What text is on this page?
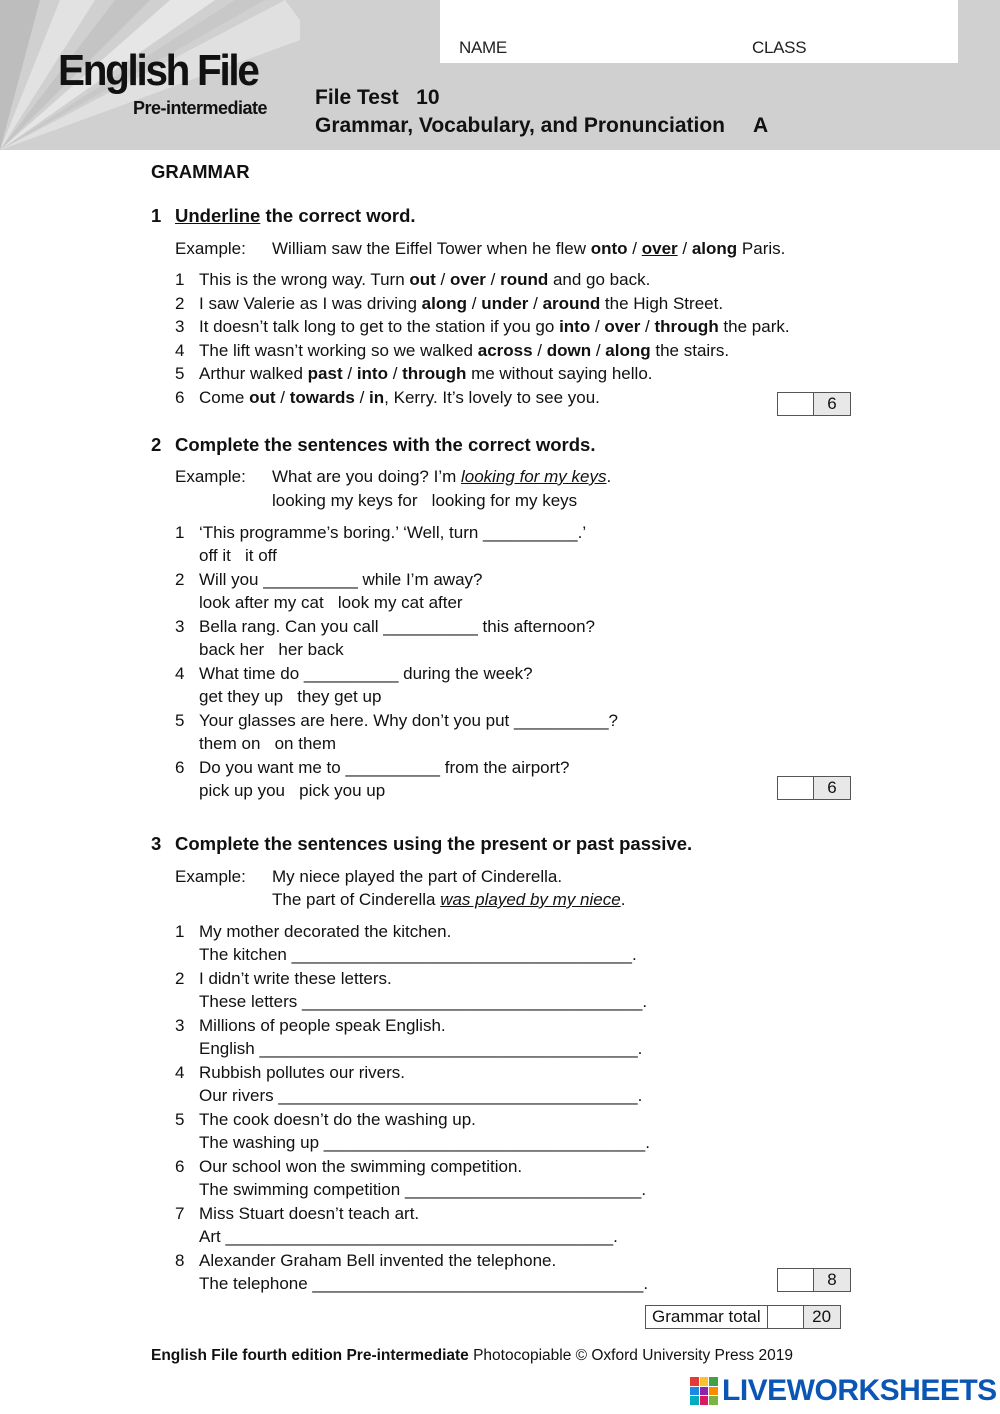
English File
Pre-intermediate
NAME	CLASS
File Test   10
Grammar, Vocabulary, and Pronunciation A
GRAMMAR
1 Underline the correct word.
Example: William saw the Eiffel Tower when he flew onto / over / along Paris.
1 This is the wrong way. Turn out / over / round and go back.
2 I saw Valerie as I was driving along / under / around the High Street.
3 It doesn’t talk long to get to the station if you go into / over / through the park.
4 The lift wasn’t working so we walked across / down / along the stairs.
5 Arthur walked past / into / through me without saying hello.
6 Come out / towards / in, Kerry. It’s lovely to see you.	6
2 Complete the sentences with the correct words.
Example: What are you doing? I’m looking for my keys.
looking my keys for   looking for my keys
1 ‘This programme’s boring.’ ‘Well, turn __________.’
off it   it off
2 Will you __________ while I’m away?
look after my cat   look my cat after
3 Bella rang. Can you call __________ this afternoon?
back her   her back
4 What time do __________ during the week?
get they up   they get up
5 Your glasses are here. Why don’t you put __________?
them on   on them
6 Do you want me to __________ from the airport?
pick up you   pick you up	6
3 Complete the sentences using the present or past passive.
Example: My niece played the part of Cinderella.
The part of Cinderella was played by my niece.
1 My mother decorated the kitchen.
The kitchen ____________________________________.
2 I didn’t write these letters.
These letters ____________________________________.
3 Millions of people speak English.
English ________________________________________.
4 Rubbish pollutes our rivers.
Our rivers ______________________________________.
5 The cook doesn’t do the washing up.
The washing up __________________________________.
6 Our school won the swimming competition.
The swimming competition _________________________.
7 Miss Stuart doesn’t teach art.
Art _________________________________________.
8 Alexander Graham Bell invented the telephone.
The telephone ___________________________________.	8
Grammar total	20
English File fourth edition Pre-intermediate Photocopiable © Oxford University Press 2019
LIVEWORKSHEETS
